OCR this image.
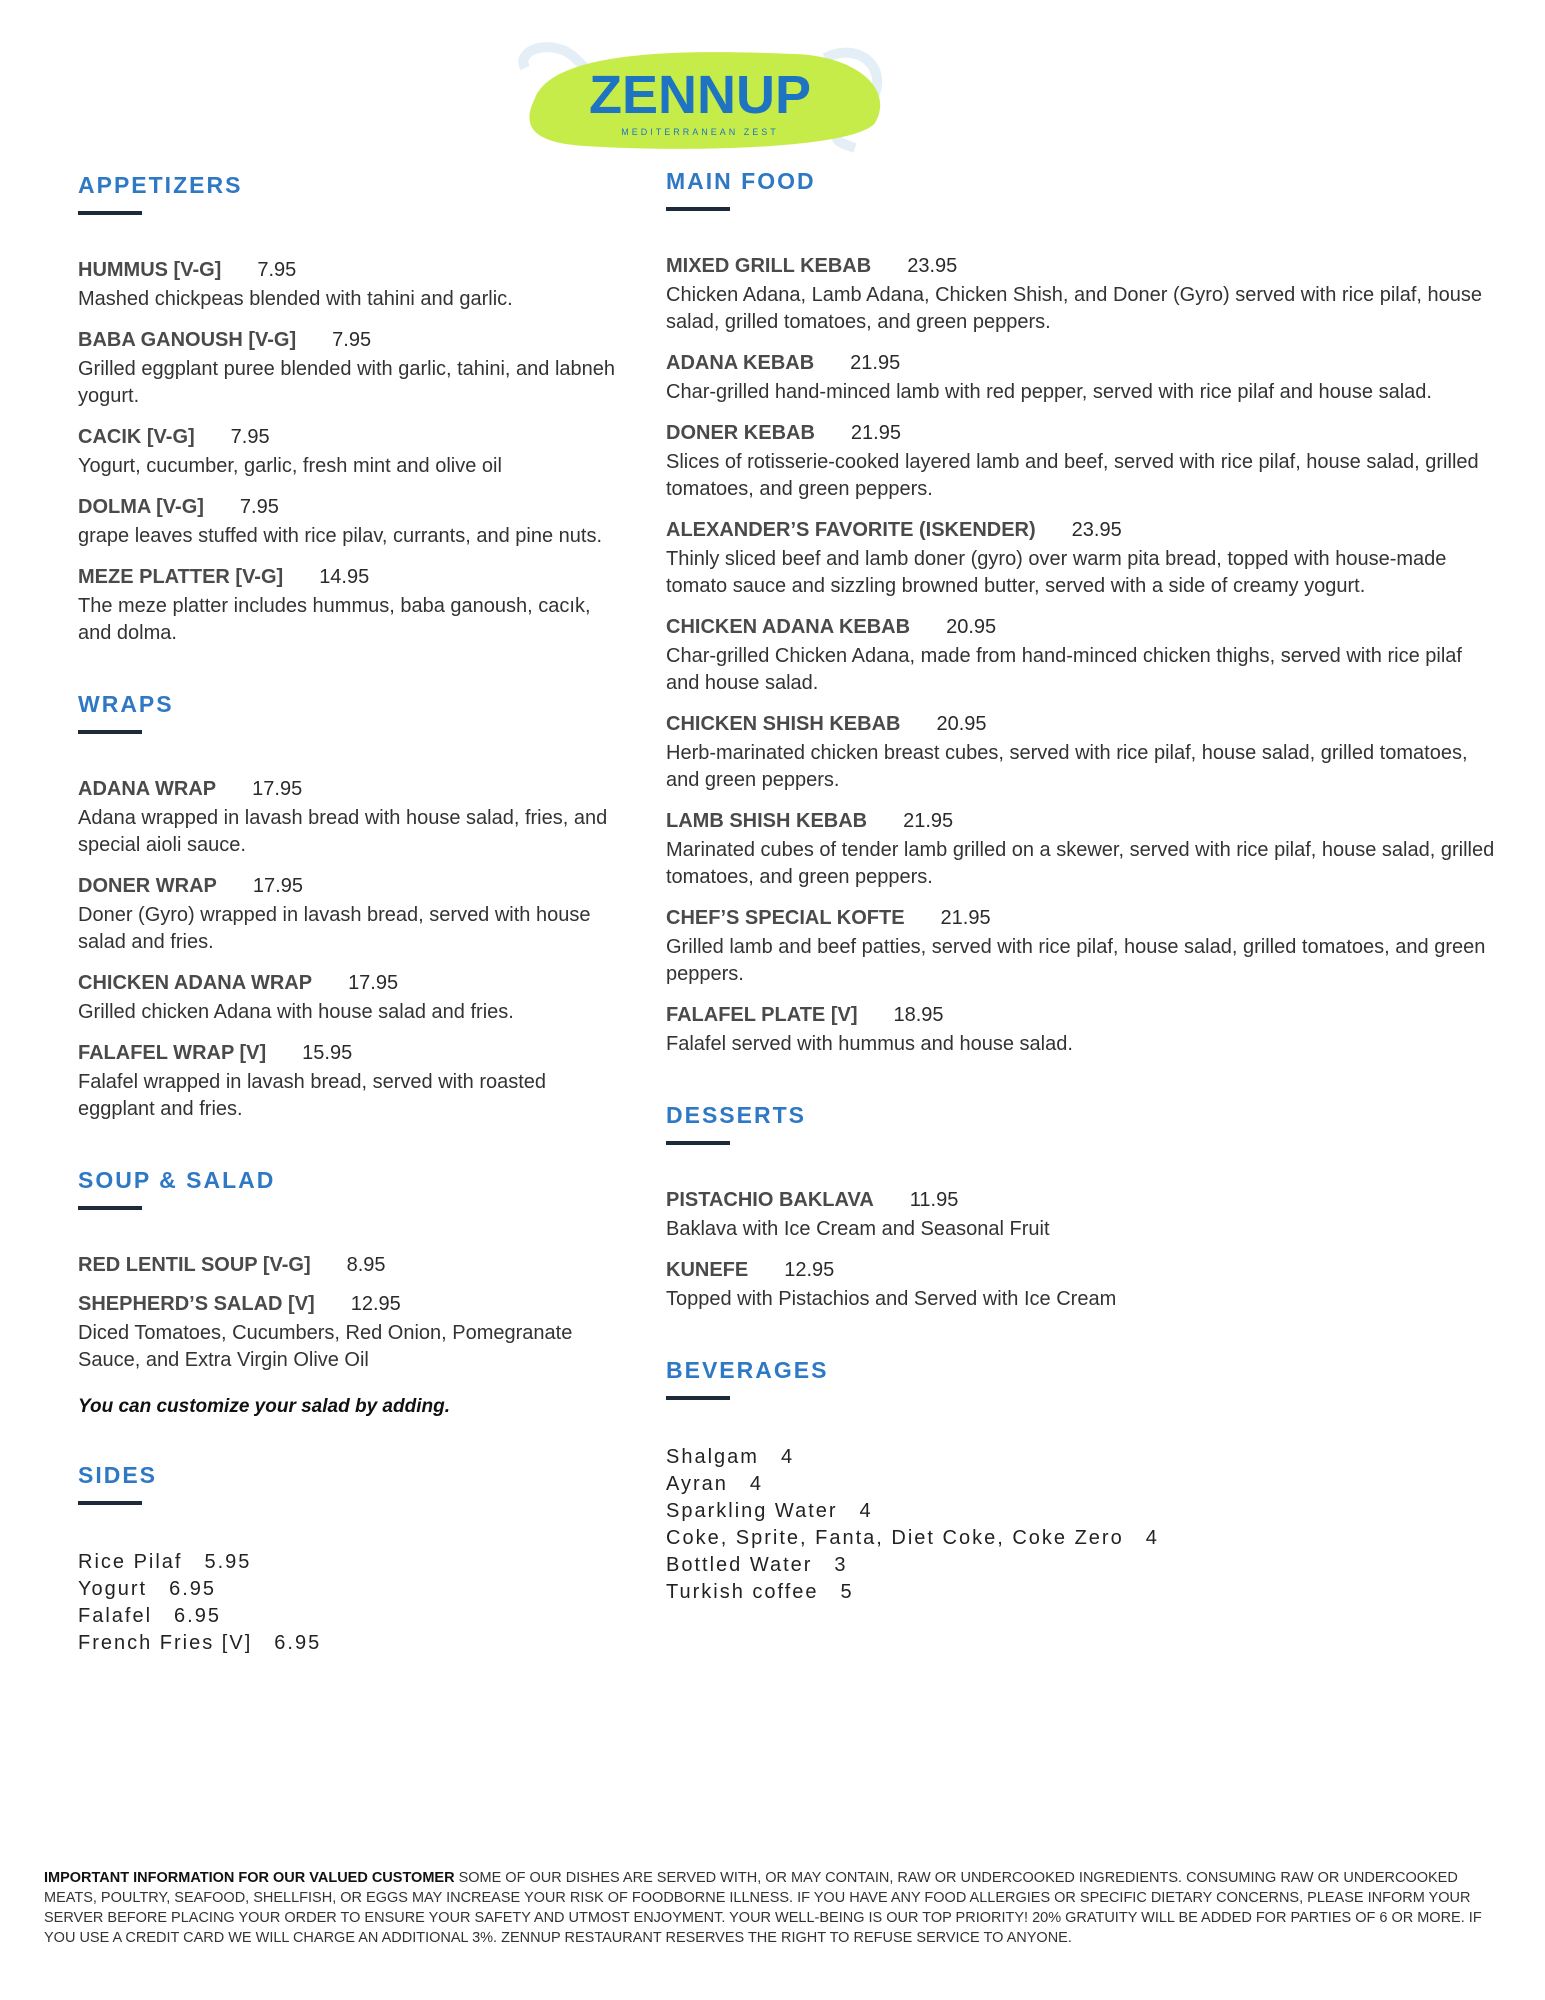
ZENNUP
MEDITERRANEAN ZEST
APPETIZERS
HUMMUS [V-G] 7.95
Mashed chickpeas blended with tahini and garlic.
BABA GANOUSH [V-G] 7.95
Grilled eggplant puree blended with garlic, tahini, and labneh yogurt.
CACIK [V-G] 7.95
Yogurt, cucumber, garlic, fresh mint and olive oil
DOLMA [V-G] 7.95
grape leaves stuffed with rice pilav, currants, and pine nuts.
MEZE PLATTER [V-G] 14.95
The meze platter includes hummus, baba ganoush, cacık, and dolma.
WRAPS
ADANA WRAP 17.95
Adana wrapped in lavash bread with house salad, fries, and special aioli sauce.
DONER WRAP 17.95
Doner (Gyro) wrapped in lavash bread, served with house salad and fries.
CHICKEN ADANA WRAP 17.95
Grilled chicken Adana with house salad and fries.
FALAFEL WRAP [V] 15.95
Falafel wrapped in lavash bread, served with roasted eggplant and fries.
SOUP & SALAD
RED LENTIL SOUP [V-G] 8.95
SHEPHERD’S SALAD [V] 12.95
Diced Tomatoes, Cucumbers, Red Onion, Pomegranate Sauce, and Extra Virgin Olive Oil
You can customize your salad by adding.
SIDES
Rice Pilaf 5.95
Yogurt 6.95
Falafel 6.95
French Fries [V] 6.95
MAIN FOOD
MIXED GRILL KEBAB 23.95
Chicken Adana, Lamb Adana, Chicken Shish, and Doner (Gyro) served with rice pilaf, house salad, grilled tomatoes, and green peppers.
ADANA KEBAB 21.95
Char-grilled hand-minced lamb with red pepper, served with rice pilaf and house salad.
DONER KEBAB 21.95
Slices of rotisserie-cooked layered lamb and beef, served with rice pilaf, house salad, grilled tomatoes, and green peppers.
ALEXANDER’S FAVORITE (ISKENDER) 23.95
Thinly sliced beef and lamb doner (gyro) over warm pita bread, topped with house-made tomato sauce and sizzling browned butter, served with a side of creamy yogurt.
CHICKEN ADANA KEBAB 20.95
Char-grilled Chicken Adana, made from hand-minced chicken thighs, served with rice pilaf and house salad.
CHICKEN SHISH KEBAB 20.95
Herb-marinated chicken breast cubes, served with rice pilaf, house salad, grilled tomatoes, and green peppers.
LAMB SHISH KEBAB 21.95
Marinated cubes of tender lamb grilled on a skewer, served with rice pilaf, house salad, grilled tomatoes, and green peppers.
CHEF’S SPECIAL KOFTE 21.95
Grilled lamb and beef patties, served with rice pilaf, house salad, grilled tomatoes, and green peppers.
FALAFEL PLATE [V] 18.95
Falafel served with hummus and house salad.
DESSERTS
PISTACHIO BAKLAVA 11.95
Baklava with Ice Cream and Seasonal Fruit
KUNEFE 12.95
Topped with Pistachios and Served with Ice Cream
BEVERAGES
Shalgam 4
Ayran 4
Sparkling Water 4
Coke, Sprite, Fanta, Diet Coke, Coke Zero 4
Bottled Water 3
Turkish coffee 5
IMPORTANT INFORMATION FOR OUR VALUED CUSTOMER SOME OF OUR DISHES ARE SERVED WITH, OR MAY CONTAIN, RAW OR UNDERCOOKED INGREDIENTS. CONSUMING RAW OR UNDERCOOKED MEATS, POULTRY, SEAFOOD, SHELLFISH, OR EGGS MAY INCREASE YOUR RISK OF FOODBORNE ILLNESS. IF YOU HAVE ANY FOOD ALLERGIES OR SPECIFIC DIETARY CONCERNS, PLEASE INFORM YOUR SERVER BEFORE PLACING YOUR ORDER TO ENSURE YOUR SAFETY AND UTMOST ENJOYMENT. YOUR WELL-BEING IS OUR TOP PRIORITY! 20% GRATUITY WILL BE ADDED FOR PARTIES OF 6 OR MORE. IF YOU USE A CREDIT CARD WE WILL CHARGE AN ADDITIONAL 3%. ZENNUP RESTAURANT RESERVES THE RIGHT TO REFUSE SERVICE TO ANYONE.
